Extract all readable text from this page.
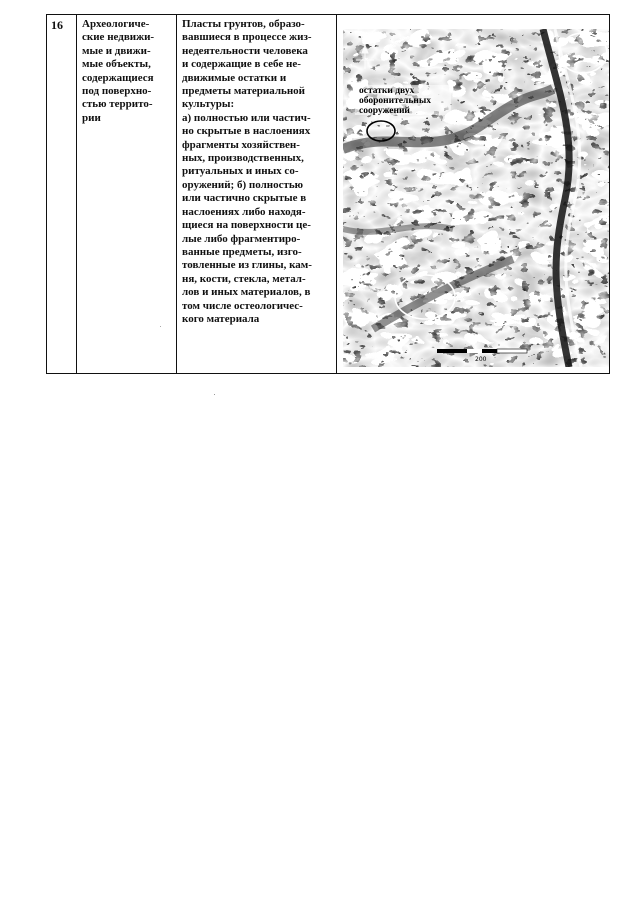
16	Археологиче-
ские недвижи-
мые и движи-
мые объекты,
содержащиеся
под поверхно-
стью террито-
рии
Пласты грунтов, образо-
вавшиеся в процессе жиз-
недеятельности человека
и содержащие в себе не-
движимые остатки и
предметы материальной
культуры:
а) полностью или частич-
но скрытые в наслоениях
фрагменты хозяйствен-
ных, производственных,
ритуальных и иных со-
оружений; б) полностью
или частично скрытые в
наслоениях либо находя-
щиеся на поверхности це-
лые либо фрагментиро-
ванные предметы, изго-
товленные из глины, кам-
ня, кости, стекла, метал-
лов и иных материалов, в
том числе остеологичес-
кого материала
200
остатки двух оборонительных сооружений
